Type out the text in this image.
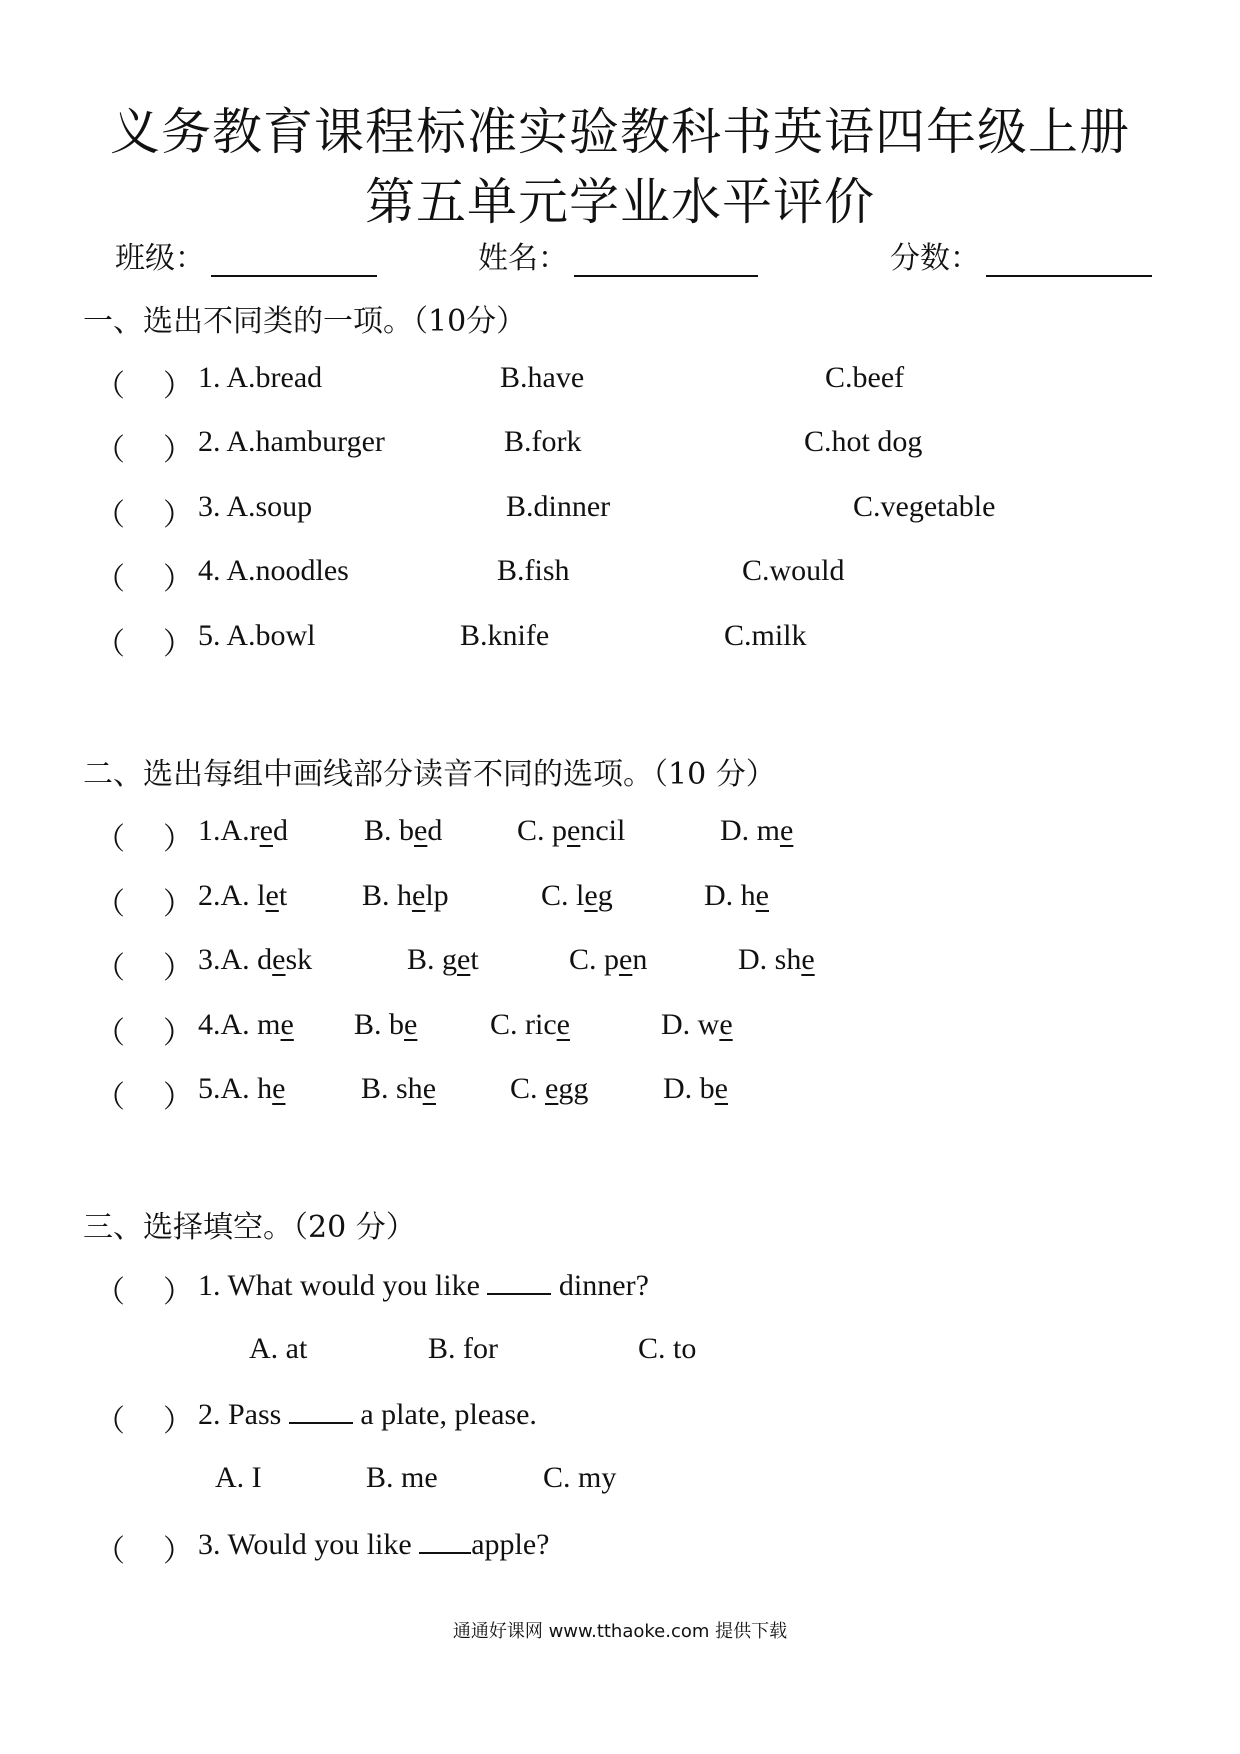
义务教育课程标准实验教科书英语四年级上册
第五单元学业水平评价
班级：	姓名：	分数：
一、选出不同类的一项。（10分）
（ ） 1. A.bread	B.have	C.beef
（ ） 2. A.hamburger	B.fork	C.hot dog
（ ） 3. A.soup	B.dinner	C.vegetable
（ ） 4. A.noodles	B.fish	C.would
（ ） 5. A.bowl	B.knife	C.milk
二、选出每组中画线部分读音不同的选项。（10 分）
（ ） 1.A.red	B. bed C. pencil	D. me
（ ） 2.A. let B. help	C. leg	D. he
（ ） 3.A. desk	B. get	C. pen	D. she
（ ） 4.A. me B. be C. rice	D. we
（ ） 5.A. he	B. she C. egg D. be
三、选择填空。（20 分）
（ ） 1. What would you like  dinner?
A. at	B. for	C. to
（ ） 2. Pass  a plate, please.
A. I	B. me	C. my
（ ） 3. Would you like apple?
通通好课网 www.tthaoke.com 提供下载
